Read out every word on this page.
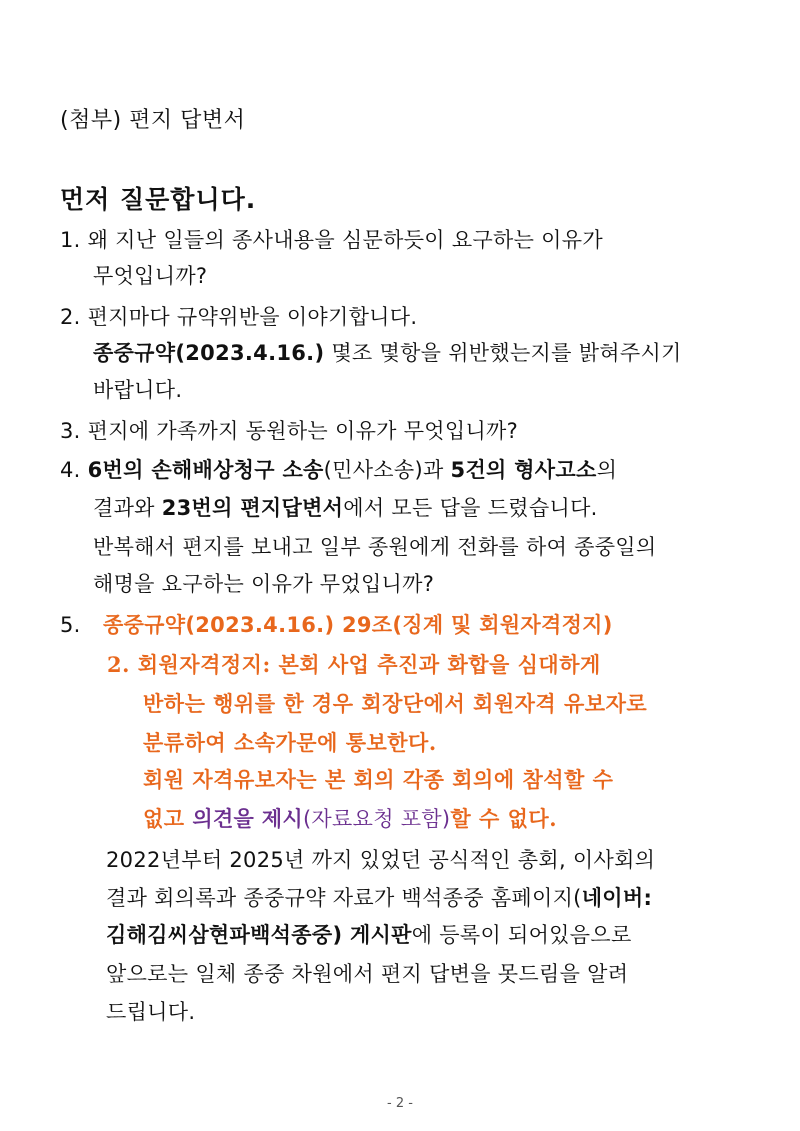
(첨부) 편지 답변서
먼저 질문합니다.
1. 왜 지난 일들의 종사내용을 심문하듯이 요구하는 이유가
무엇입니까?
2. 편지마다 규약위반을 이야기합니다.
종중규약(2023.4.16.) 몇조 몇항을 위반했는지를 밝혀주시기
바랍니다.
3. 편지에 가족까지 동원하는 이유가 무엇입니까?
4. 6번의 손해배상청구 소송(민사소송)과 5건의 형사고소의
결과와 23번의 편지답변서에서 모든 답을 드렸습니다.
반복해서 편지를 보내고 일부 종원에게 전화를 하여 종중일의
해명을 요구하는 이유가 무었입니까?
5. 종중규약(2023.4.16.) 29조(징계 및 회원자격정지)
2. 회원자격정지: 본회 사업 추진과 화합을 심대하게
반하는 행위를 한 경우 회장단에서 회원자격 유보자로
분류하여 소속가문에 통보한다.
회원 자격유보자는 본 회의 각종 회의에 참석할 수
없고 의견을 제시(자료요청 포함)할 수 없다.
2022년부터 2025년 까지 있었던 공식적인 총회, 이사회의
결과 회의록과 종중규약 자료가 백석종중 홈페이지(네이버:
김해김씨삼현파백석종중) 게시판에 등록이 되어있음으로
앞으로는 일체 종중 차원에서 편지 답변을 못드림을 알려
드립니다.
- 2 -
